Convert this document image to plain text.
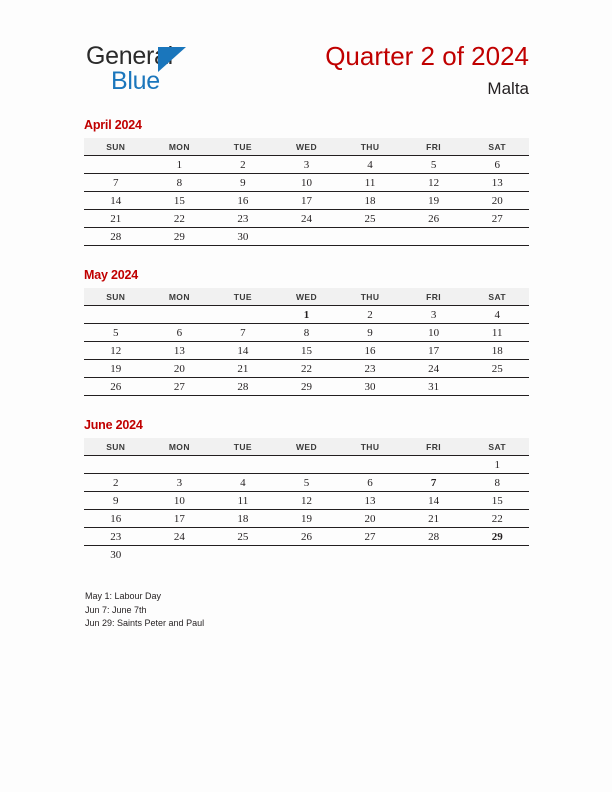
General
Blue
Quarter 2 of 2024
Malta
April 2024
SUN	MON	TUE	WED	THU	FRI	SAT
	1	2	3	4	5	6
7	8	9	10	11	12	13
14	15	16	17	18	19	20
21	22	23	24	25	26	27
28	29	30				
May 2024
SUN	MON	TUE	WED	THU	FRI	SAT
			1	2	3	4
5	6	7	8	9	10	11
12	13	14	15	16	17	18
19	20	21	22	23	24	25
26	27	28	29	30	31	
June 2024
SUN	MON	TUE	WED	THU	FRI	SAT
						1
2	3	4	5	6	7	8
9	10	11	12	13	14	15
16	17	18	19	20	21	22
23	24	25	26	27	28	29
30						
May 1: Labour Day
Jun 7: June 7th
Jun 29: Saints Peter and Paul
